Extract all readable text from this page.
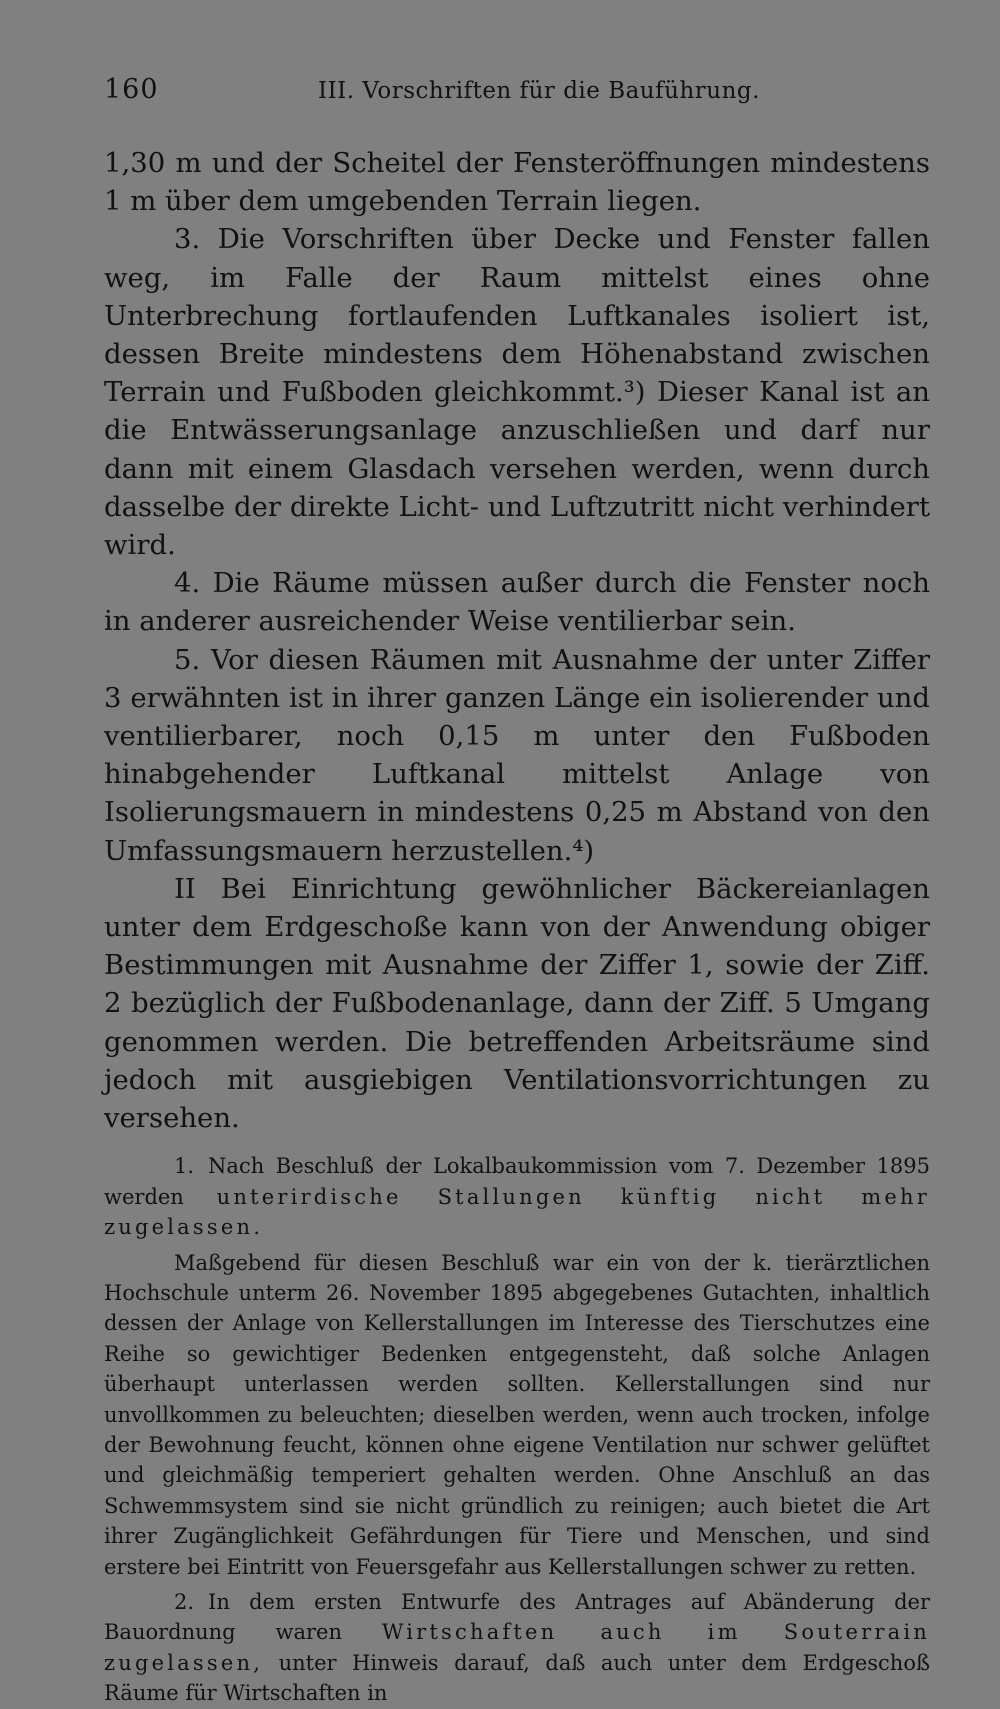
160	III. Vorschriften für die Bauführung.

1,30 m und der Scheitel der Fensteröffnungen mindestens 1 m über dem umgebenden Terrain liegen.

3. Die Vorschriften über Decke und Fenster fallen weg, im Falle der Raum mittelst eines ohne Unterbrechung fortlaufenden Luftkanales isoliert ist, dessen Breite mindestens dem Höhenabstand zwischen Terrain und Fußboden gleichkommt.³) Dieser Kanal ist an die Entwässerungsanlage anzuschließen und darf nur dann mit einem Glasdach versehen werden, wenn durch dasselbe der direkte Licht- und Luftzutritt nicht verhindert wird.

4. Die Räume müssen außer durch die Fenster noch in anderer ausreichender Weise ventilierbar sein.

5. Vor diesen Räumen mit Ausnahme der unter Ziffer 3 erwähnten ist in ihrer ganzen Länge ein isolierender und ventilierbarer, noch 0,15 m unter den Fußboden hinabgehender Luftkanal mittelst Anlage von Isolierungsmauern in mindestens 0,25 m Abstand von den Umfassungsmauern herzustellen.⁴)

II Bei Einrichtung gewöhnlicher Bäckereianlagen unter dem Erdgeschoße kann von der Anwendung obiger Bestimmungen mit Ausnahme der Ziffer 1, sowie der Ziff. 2 bezüglich der Fußbodenanlage, dann der Ziff. 5 Umgang genommen werden. Die betreffenden Arbeitsräume sind jedoch mit ausgiebigen Ventilationsvorrichtungen zu versehen.

1. Nach Beschluß der Lokalbaukommission vom 7. Dezember 1895 werden unterirdische Stallungen künftig nicht mehr zugelassen.

Maßgebend für diesen Beschluß war ein von der k. tierärztlichen Hochschule unterm 26. November 1895 abgegebenes Gutachten, inhaltlich dessen der Anlage von Kellerstallungen im Interesse des Tierschutzes eine Reihe so gewichtiger Bedenken entgegensteht, daß solche Anlagen überhaupt unterlassen werden sollten. Kellerstallungen sind nur unvollkommen zu beleuchten; dieselben werden, wenn auch trocken, infolge der Bewohnung feucht, können ohne eigene Ventilation nur schwer gelüftet und gleichmäßig temperiert gehalten werden. Ohne Anschluß an das Schwemmsystem sind sie nicht gründlich zu reinigen; auch bietet die Art ihrer Zugänglichkeit Gefährdungen für Tiere und Menschen, und sind erstere bei Eintritt von Feuersgefahr aus Kellerstallungen schwer zu retten.

2. In dem ersten Entwurfe des Antrages auf Abänderung der Bauordnung waren Wirtschaften auch im Souterrain zugelassen, unter Hinweis darauf, daß auch unter dem Erdgeschoß Räume für Wirtschaften in
